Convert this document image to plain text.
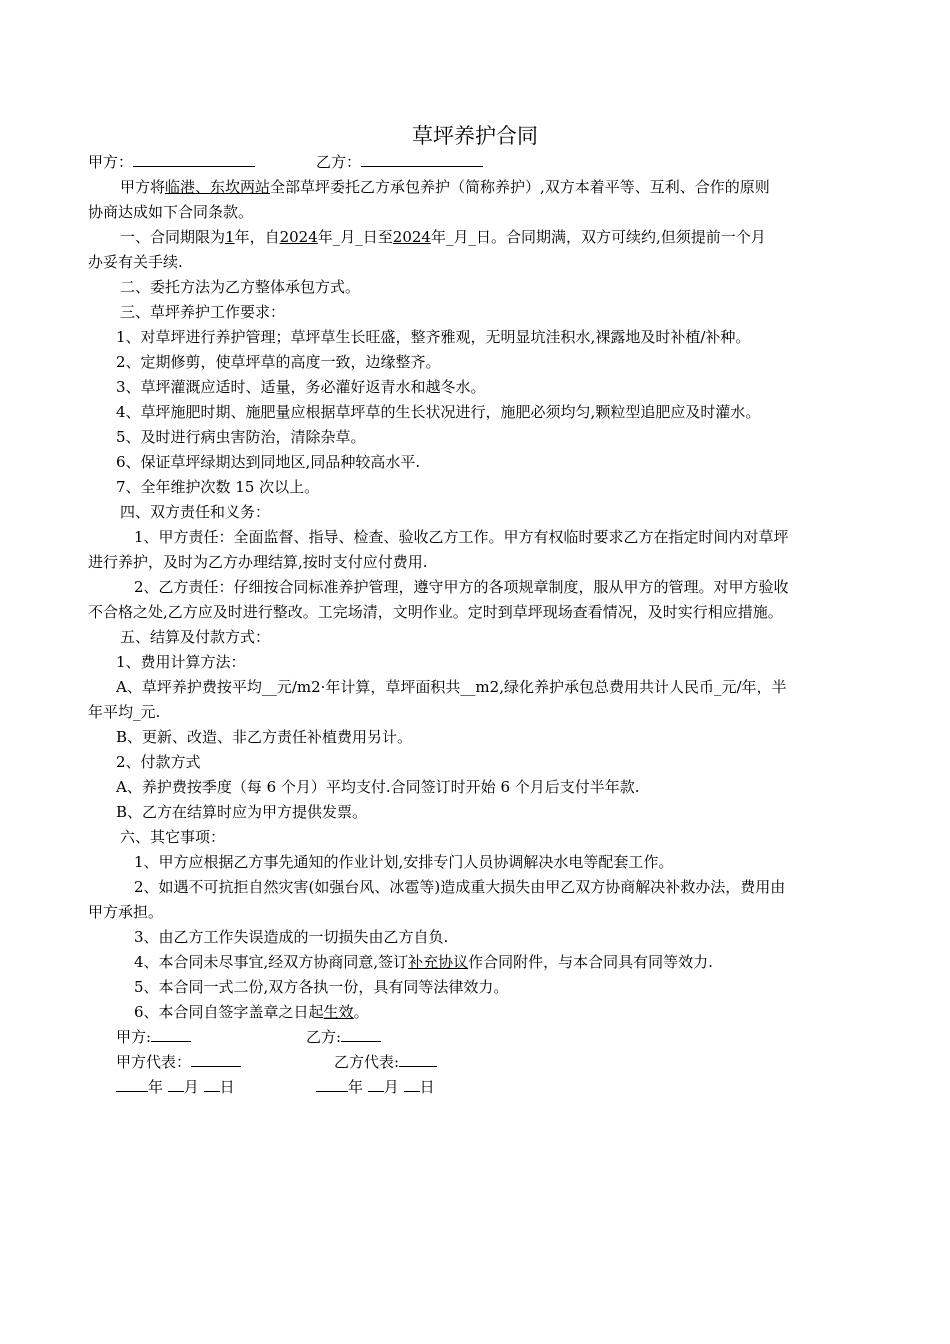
草坪养护合同
甲方：	乙方：
甲方将临港、东坎两站全部草坪委托乙方承包养护（简称养护）,双方本着平等、互利、合作的原则
协商达成如下合同条款。
一、合同期限为1年，自2024年_月_日至2024年_月_日。合同期满，双方可续约,但须提前一个月
办妥有关手续.
二、委托方法为乙方整体承包方式。
三、草坪养护工作要求：
1、对草坪进行养护管理；草坪草生长旺盛，整齐雅观，无明显坑洼积水,裸露地及时补植/补种。
2、定期修剪，使草坪草的高度一致，边缘整齐。
3、草坪灌溉应适时、适量，务必灌好返青水和越冬水。
4、草坪施肥时期、施肥量应根据草坪草的生长状况进行，施肥必须均匀,颗粒型追肥应及时灌水。
5、及时进行病虫害防治，清除杂草。
6、保证草坪绿期达到同地区,同品种较高水平.
7、全年维护次数 15 次以上。
四、双方责任和义务：
1、甲方责任：全面监督、指导、检查、验收乙方工作。甲方有权临时要求乙方在指定时间内对草坪
进行养护，及时为乙方办理结算,按时支付应付费用.
2、乙方责任：仔细按合同标准养护管理，遵守甲方的各项规章制度，服从甲方的管理。对甲方验收
不合格之处,乙方应及时进行整改。工完场清，文明作业。定时到草坪现场查看情况，及时实行相应措施。
五、结算及付款方式：
1、费用计算方法：
A、草坪养护费按平均__元/m2·年计算，草坪面积共__m2,绿化养护承包总费用共计人民币_元/年，半
年平均_元.
B、更新、改造、非乙方责任补植费用另计。
2、付款方式
A、养护费按季度（每 6 个月）平均支付.合同签订时开始 6 个月后支付半年款.
B、乙方在结算时应为甲方提供发票。
六、其它事项：
1、甲方应根据乙方事先通知的作业计划,安排专门人员协调解决水电等配套工作。
2、如遇不可抗拒自然灾害(如强台风、冰雹等)造成重大损失由甲乙双方协商解决补救办法，费用由
甲方承担。
3、由乙方工作失误造成的一切损失由乙方自负.
4、本合同未尽事宜,经双方协商同意,签订补充协议作合同附件，与本合同具有同等效力.
5、本合同一式二份,双方各执一份，具有同等法律效力。
6、本合同自签字盖章之日起生效。
甲方:	乙方:
甲方代表：	乙方代表:
年 月 日	年 月 日
